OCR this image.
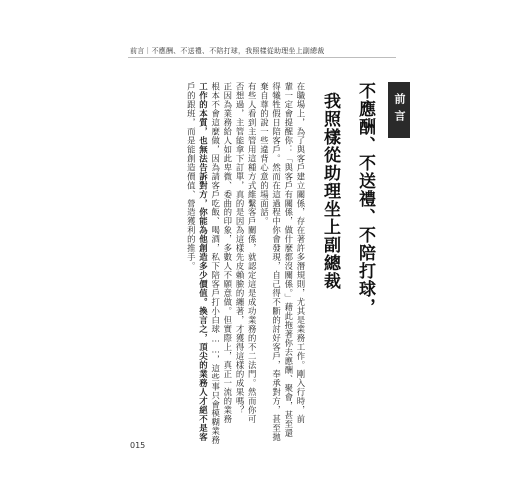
前言｜不應酬、不送禮、不陪打球，我照樣從助理坐上副總裁
前言
不應酬、不送禮、不陪打球，
我照樣從助理坐上副總裁
在職場上，為了與客戶建立關係，存在著許多潛規則，尤其是業務工作。剛入行時，前
輩一定會提醒你：「與客戶有關係，做什麼都沒關係。」藉此拖著你去應酬、聚會，甚至還
得犧牲假日陪客戶。然而在這過程中你會發現，自己得不斷的討好客戶，奉承對方，甚至拋
棄自尊的說一些違背心意的場面話。
有些人看到主管用這種方式維繫客戶關係，就認定這是成功業務的不二法門。然而你可
否想過，主管能拿下訂單，真的是因為這樣先皮賴臉的纏著，才獲得這樣的成果嗎？
正因為業務給人如此卑微、委曲的印象，多數人不願意做。但實際上，真正一流的業務
根本不會這麼做，因為請客戶吃飯、喝酒，私下陪客戶打小白球……，這些事只會模糊業務
工作的本質，也無法告訴對方，你能為他創造多少價值。換言之，頂尖的業務人才絕不是客
戶的跟班，而是能創造價值、營造獲利的推手。
015
